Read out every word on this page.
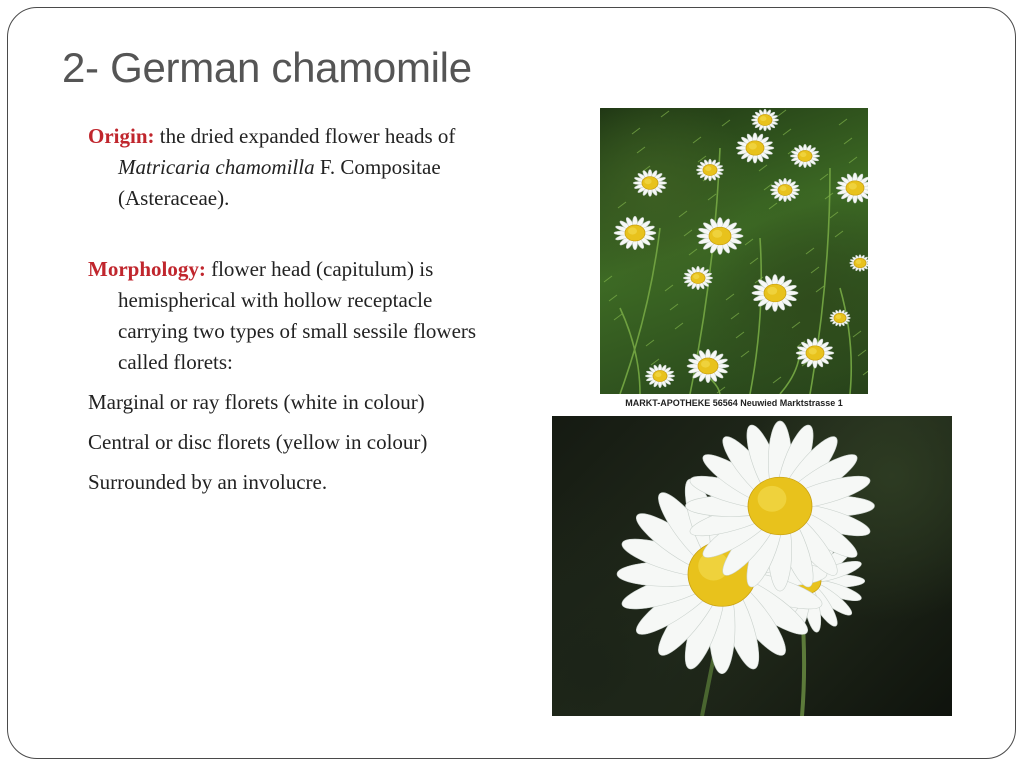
2- German chamomile

Origin: the dried expanded flower heads of Matricaria chamomilla F. Compositae (Asteraceae).

Morphology: flower head (capitulum) is hemispherical with hollow receptacle carrying two types of small sessile flowers called florets:

Marginal or ray florets (white in colour)

Central or disc florets (yellow in colour)

Surrounded by an involucre.

MARKT-APOTHEKE 56564 Neuwied Marktstrasse 1
